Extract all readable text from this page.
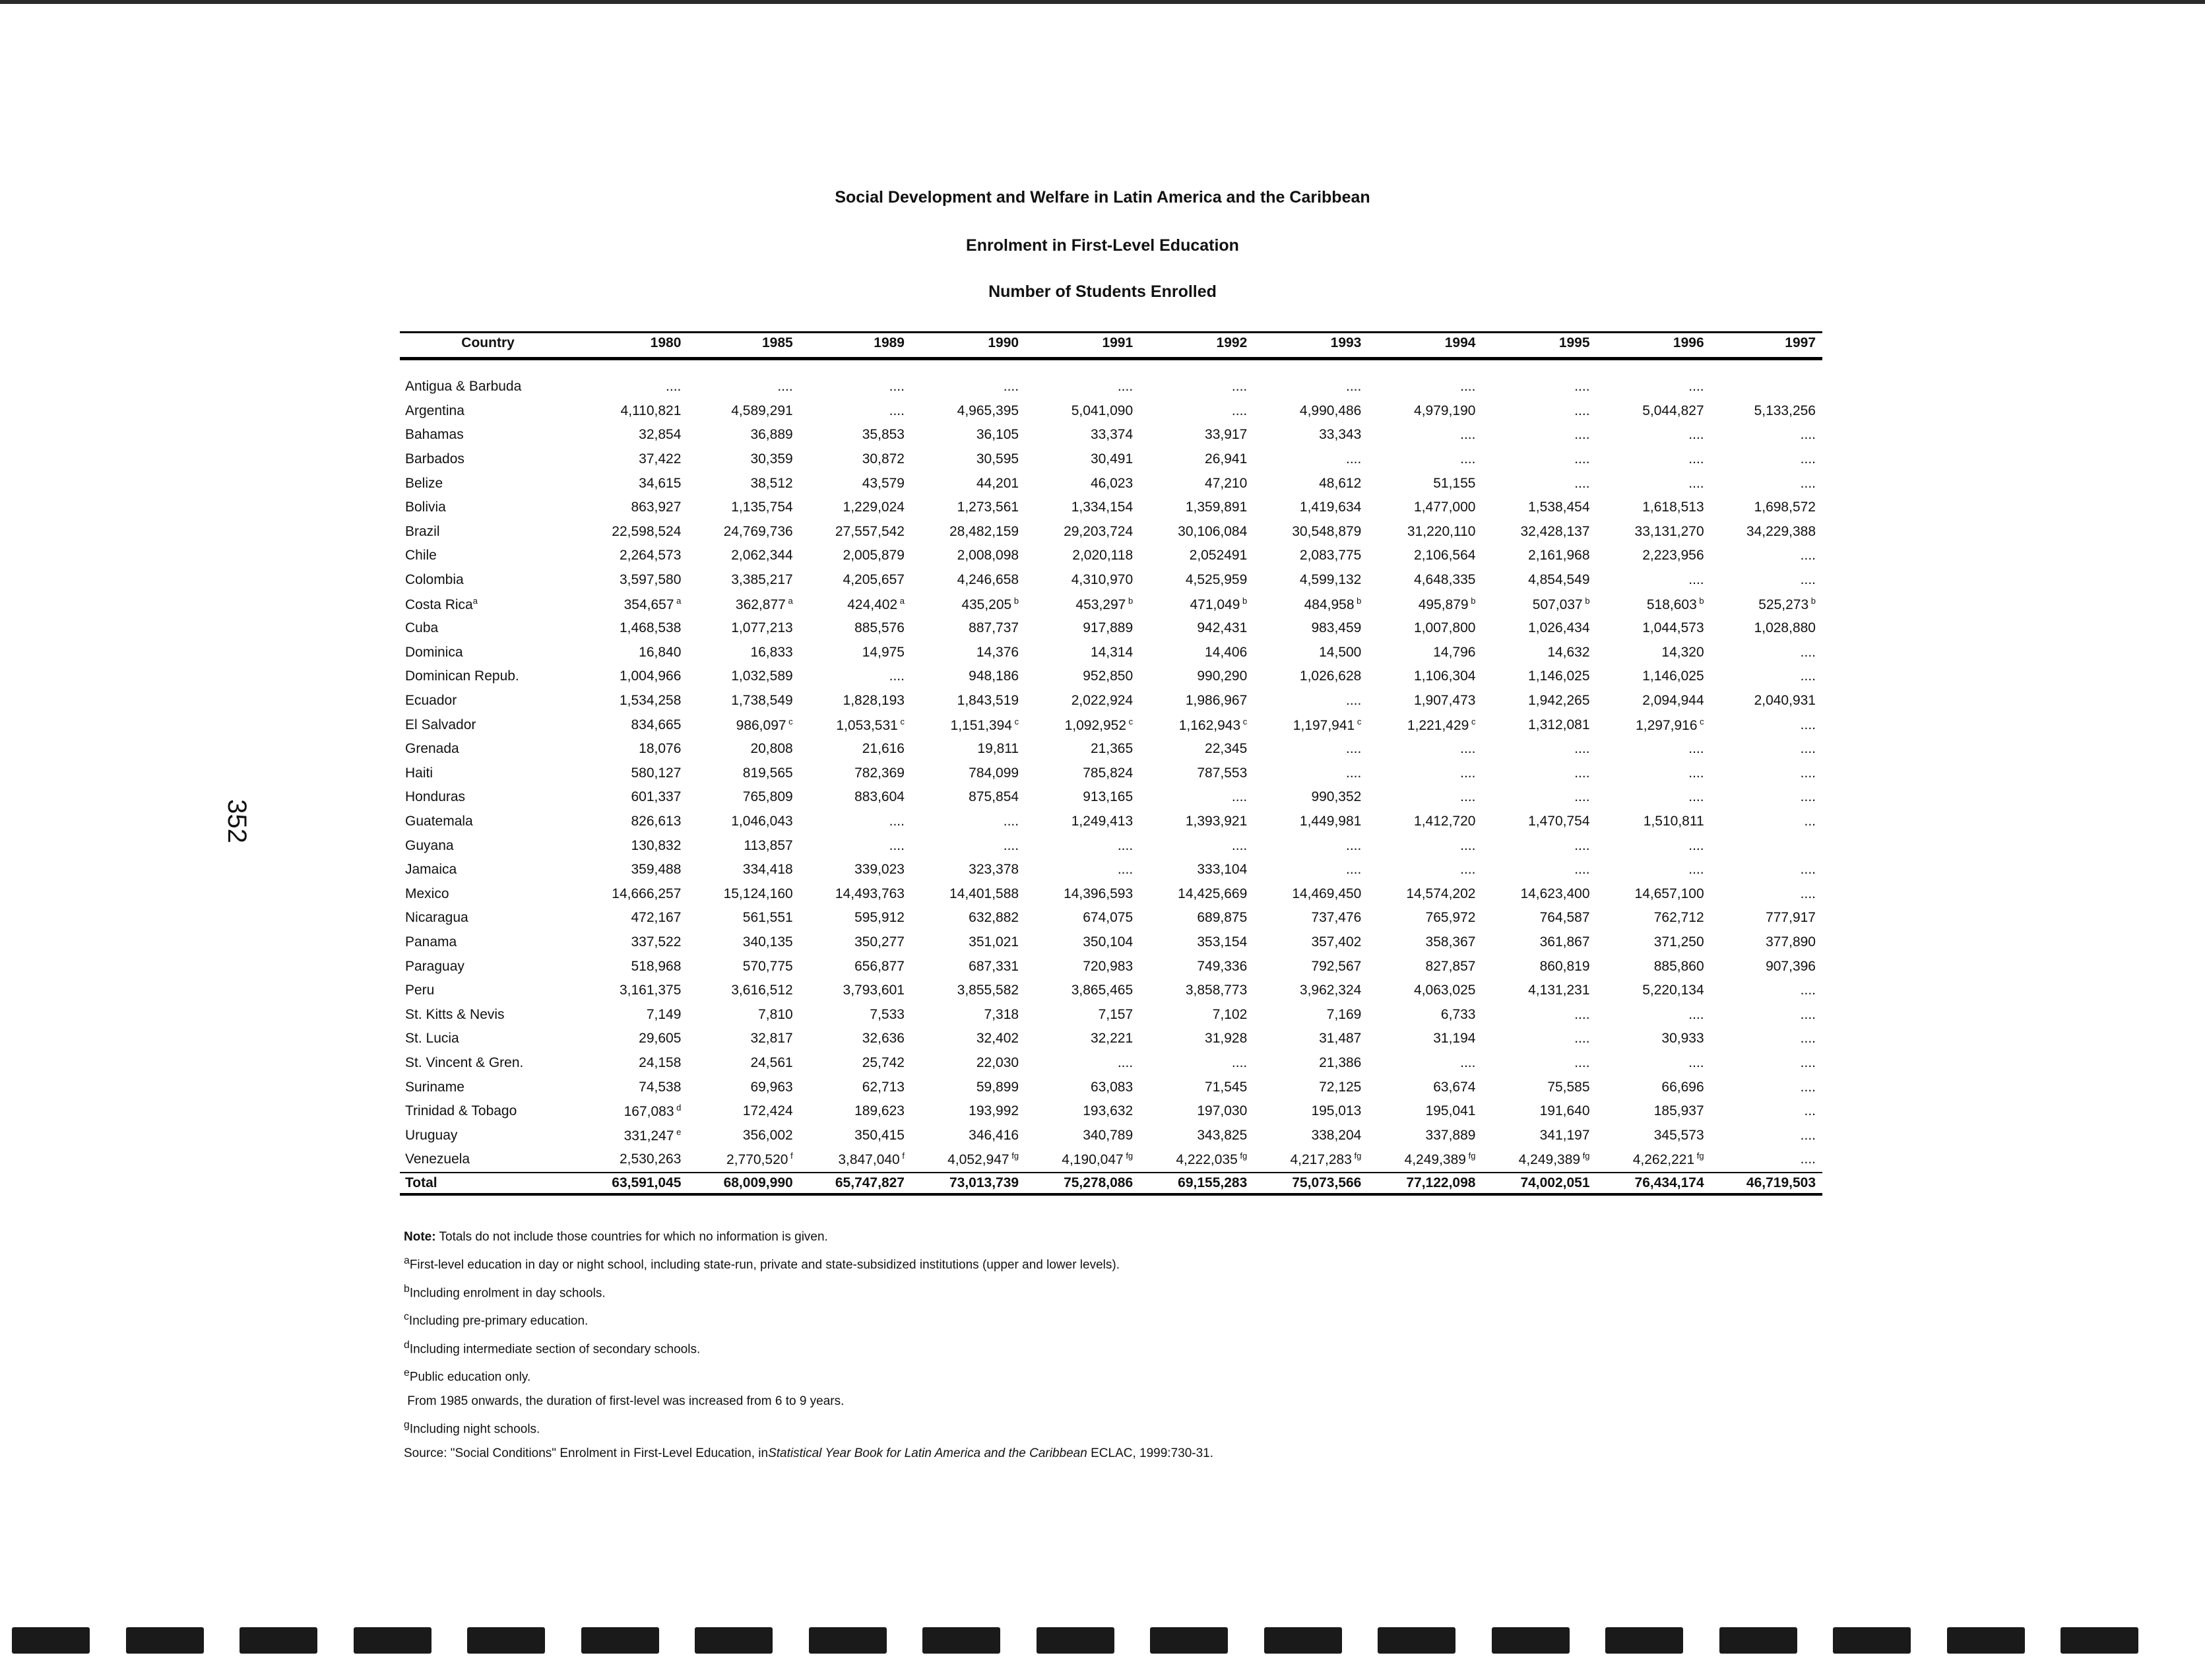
Social Development and Welfare in Latin America and the Caribbean
Enrolment in First-Level Education
Number of Students Enrolled
352
Country	1980	1985	1989	1990	1991	1992	1993	1994	1995	1996	1997

Antigua & Barbuda	....	....	....	....	....	....	....	....	....	....	
Argentina	4,110,821	4,589,291	....	4,965,395	5,041,090	....	4,990,486	4,979,190	....	5,044,827	5,133,256
Bahamas	32,854	36,889	35,853	36,105	33,374	33,917	33,343	....	....	....	....
Barbados	37,422	30,359	30,872	30,595	30,491	26,941	....	....	....	....	....
Belize	34,615	38,512	43,579	44,201	46,023	47,210	48,612	51,155	....	....	....
Bolivia	863,927	1,135,754	1,229,024	1,273,561	1,334,154	1,359,891	1,419,634	1,477,000	1,538,454	1,618,513	1,698,572
Brazil	22,598,524	24,769,736	27,557,542	28,482,159	29,203,724	30,106,084	30,548,879	31,220,110	32,428,137	33,131,270	34,229,388
Chile	2,264,573	2,062,344	2,005,879	2,008,098	2,020,118	2,052491	2,083,775	2,106,564	2,161,968	2,223,956	....
Colombia	3,597,580	3,385,217	4,205,657	4,246,658	4,310,970	4,525,959	4,599,132	4,648,335	4,854,549	....	....
Costa Rica$^a$	354,657 $^a$	362,877 $^a$	424,402 $^a$	435,205 $^b$	453,297 $^b$	471,049 $^b$	484,958 $^b$	495,879 $^b$	507,037 $^b$	518,603 $^b$	525,273 $^b$
Cuba	1,468,538	1,077,213	885,576	887,737	917,889	942,431	983,459	1,007,800	1,026,434	1,044,573	1,028,880
Dominica	16,840	16,833	14,975	14,376	14,314	14,406	14,500	14,796	14,632	14,320	....
Dominican Repub.	1,004,966	1,032,589	....	948,186	952,850	990,290	1,026,628	1,106,304	1,146,025	1,146,025	....
Ecuador	1,534,258	1,738,549	1,828,193	1,843,519	2,022,924	1,986,967	....	1,907,473	1,942,265	2,094,944	2,040,931
El Salvador	834,665	986,097 $^c$	1,053,531 $^c$	1,151,394 $^c$	1,092,952 $^c$	1,162,943 $^c$	1,197,941 $^c$	1,221,429 $^c$	1,312,081	1,297,916 $^c$	....
Grenada	18,076	20,808	21,616	19,811	21,365	22,345	....	....	....	....	....
Haiti	580,127	819,565	782,369	784,099	785,824	787,553	....	....	....	....	....
Honduras	601,337	765,809	883,604	875,854	913,165	....	990,352	....	....	....	....
Guatemala	826,613	1,046,043	....	....	1,249,413	1,393,921	1,449,981	1,412,720	1,470,754	1,510,811	...
Guyana	130,832	113,857	....	....	....	....	....	....	....	....	
Jamaica	359,488	334,418	339,023	323,378	....	333,104	....	....	....	....	....
Mexico	14,666,257	15,124,160	14,493,763	14,401,588	14,396,593	14,425,669	14,469,450	14,574,202	14,623,400	14,657,100	....
Nicaragua	472,167	561,551	595,912	632,882	674,075	689,875	737,476	765,972	764,587	762,712	777,917
Panama	337,522	340,135	350,277	351,021	350,104	353,154	357,402	358,367	361,867	371,250	377,890
Paraguay	518,968	570,775	656,877	687,331	720,983	749,336	792,567	827,857	860,819	885,860	907,396
Peru	3,161,375	3,616,512	3,793,601	3,855,582	3,865,465	3,858,773	3,962,324	4,063,025	4,131,231	5,220,134	....
St. Kitts & Nevis	7,149	7,810	7,533	7,318	7,157	7,102	7,169	6,733	....	....	....
St. Lucia	29,605	32,817	32,636	32,402	32,221	31,928	31,487	31,194	....	30,933	....
St. Vincent & Gren.	24,158	24,561	25,742	22,030	....	....	21,386	....	....	....	....
Suriname	74,538	69,963	62,713	59,899	63,083	71,545	72,125	63,674	75,585	66,696	....
Trinidad & Tobago	167,083 $^d$	172,424	189,623	193,992	193,632	197,030	195,013	195,041	191,640	185,937	...
Uruguay	331,247 $^e$	356,002	350,415	346,416	340,789	343,825	338,204	337,889	341,197	345,573	....
Venezuela	2,530,263	2,770,520 $^f$	3,847,040 $^f$	4,052,947 $^{fg}$	4,190,047 $^{fg}$	4,222,035 $^{fg}$	4,217,283 $^{fg}$	4,249,389 $^{fg}$	4,249,389 $^{fg}$	4,262,221 $^{fg}$	....
Total	63,591,045	68,009,990	65,747,827	73,013,739	75,278,086	69,155,283	75,073,566	77,122,098	74,002,051	76,434,174	46,719,503
Note: Totals do not include those countries for which no information is given.
$^a$First-level education in day or night school, including state-run, private and state-subsidized institutions (upper and lower levels).
$^b$Including enrolment in day schools.
$^c$Including pre-primary education.
$^d$Including intermediate section of secondary schools.
$^e$Public education only.
From 1985 onwards, the duration of first-level was increased from 6 to 9 years.
$^g$Including night schools.
Source: "Social Conditions" Enrolment in First-Level Education, inStatistical Year Book for Latin America and the Caribbean ECLAC, 1999:730-31.
